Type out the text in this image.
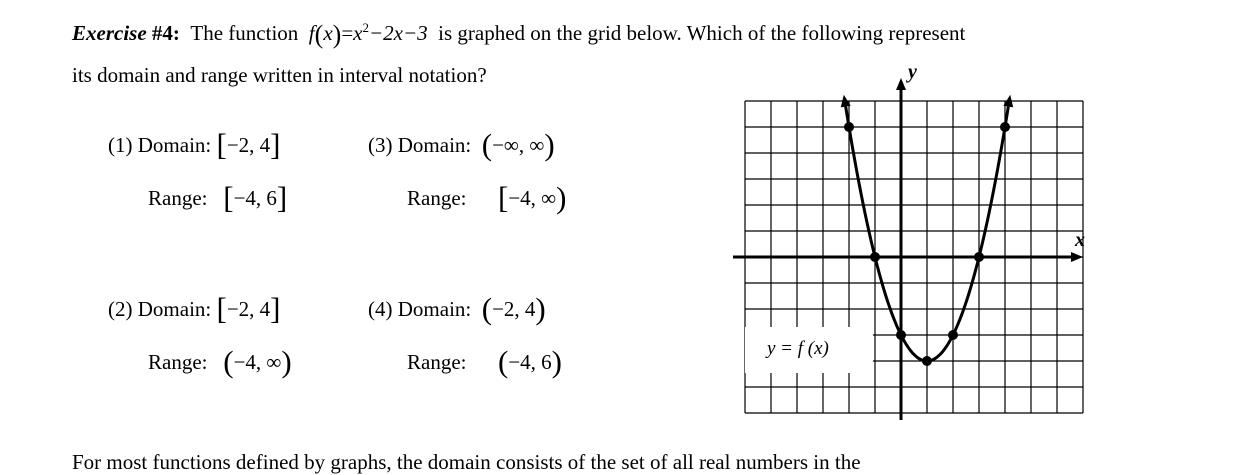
Exercise #4: The function $f(x)=x^2-2x-3$ is graphed on the grid below. Which of the following represent
its domain and range written in interval notation?
(1) Domain: [−2, 4]
Range: [−4, 6]
(3) Domain: (−∞, ∞)
Range: [−4, ∞)
(2) Domain: [−2, 4]
Range: (−4, ∞)
(4) Domain: (−2, 4)
Range: (−4, 6)	y = f (x)
x
y
For most functions defined by graphs, the domain consists of the set of all real numbers in the
